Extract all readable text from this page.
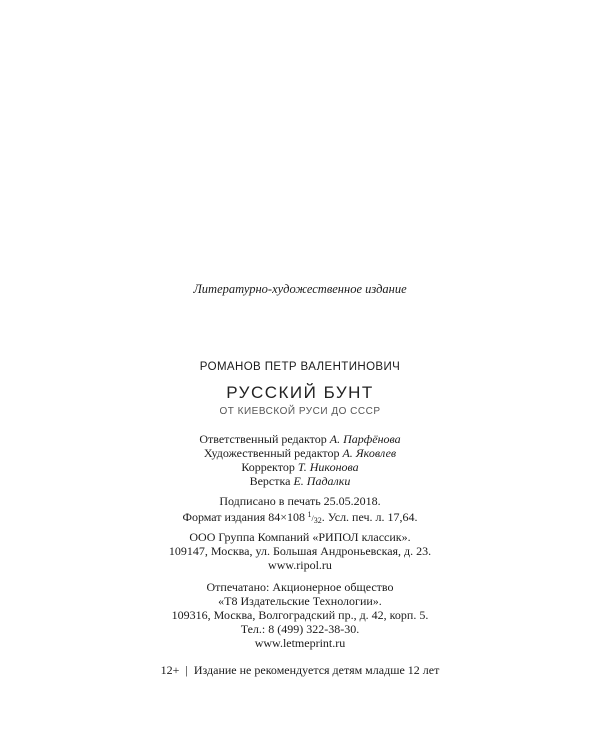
Литературно-художественное издание
РОМАНОВ ПЕТР ВАЛЕНТИНОВИЧ
РУССКИЙ БУНТ
ОТ КИЕВСКОЙ РУСИ ДО СССР
Ответственный редактор А. Парфёнова
Художественный редактор А. Яковлев
Корректор Т. Никонова
Верстка Е. Падалки
Подписано в печать 25.05.2018.
Формат издания 84×108  $^1/_{32}$. Усл. печ. л. 17,64.
ООО Группа Компаний «РИПОЛ классик».
109147, Москва, ул. Большая Андроньевская, д. 23.
www.ripol.ru
Отпечатано: Акционерное общество
«Т8 Издательские Технологии».
109316, Москва, Волгоградский пр., д. 42, корп. 5.
Тел.: 8 (499) 322-38-30.
www.letmeprint.ru
12+ | Издание не рекомендуется детям младше 12 лет
